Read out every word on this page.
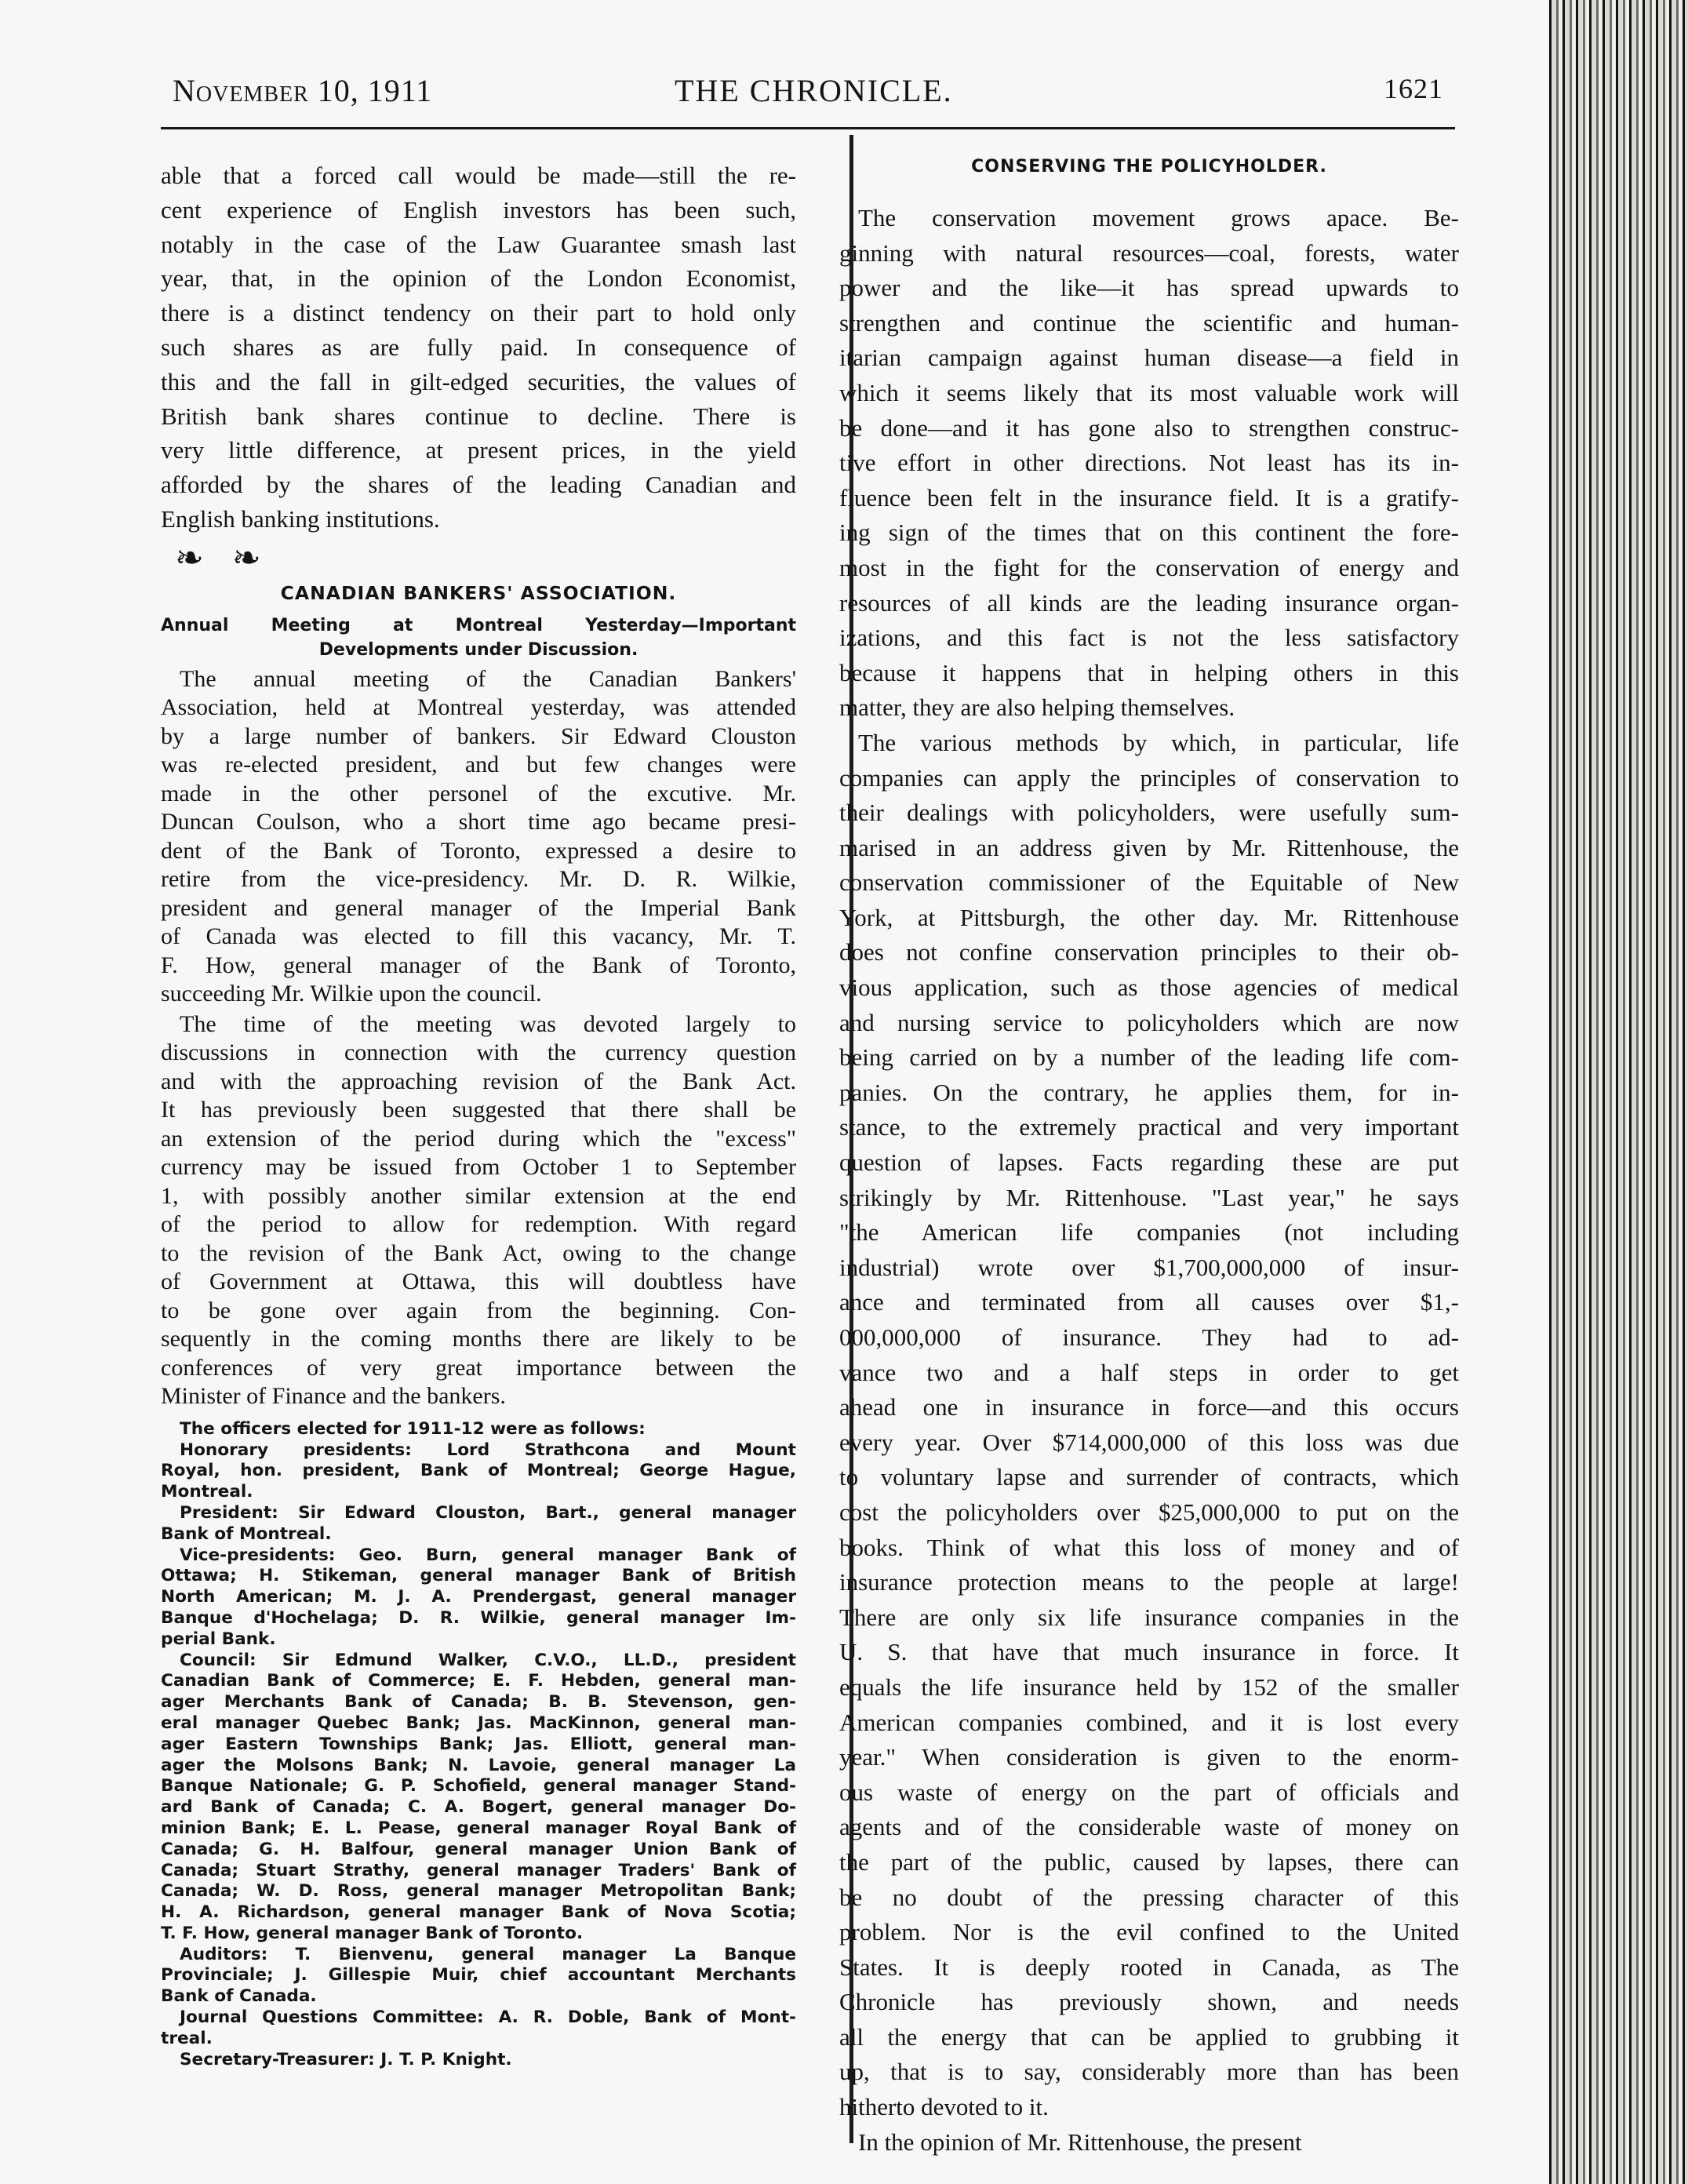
November 10, 1911	THE CHRONICLE.	1621
able that a forced call would be made—still the re-
cent experience of English investors has been such,
notably in the case of the Law Guarantee smash last
year, that, in the opinion of the London Economist,
there is a distinct tendency on their part to hold only
such shares as are fully paid. In consequence of
this and the fall in gilt-edged securities, the values of
British bank shares continue to decline. There is
very little difference, at present prices, in the yield
afforded by the shares of the leading Canadian and
English banking institutions.
❧ ❧
CANADIAN BANKERS' ASSOCIATION.
Annual Meeting at Montreal Yesterday—Important
Developments under Discussion.
The annual meeting of the Canadian Bankers'
Association, held at Montreal yesterday, was attended
by a large number of bankers. Sir Edward Clouston
was re-elected president, and but few changes were
made in the other personel of the excutive. Mr.
Duncan Coulson, who a short time ago became presi-
dent of the Bank of Toronto, expressed a desire to
retire from the vice-presidency. Mr. D. R. Wilkie,
president and general manager of the Imperial Bank
of Canada was elected to fill this vacancy, Mr. T.
F. How, general manager of the Bank of Toronto,
succeeding Mr. Wilkie upon the council.
The time of the meeting was devoted largely to
discussions in connection with the currency question
and with the approaching revision of the Bank Act.
It has previously been suggested that there shall be
an extension of the period during which the "excess"
currency may be issued from October 1 to September
1, with possibly another similar extension at the end
of the period to allow for redemption. With regard
to the revision of the Bank Act, owing to the change
of Government at Ottawa, this will doubtless have
to be gone over again from the beginning. Con-
sequently in the coming months there are likely to be
conferences of very great importance between the
Minister of Finance and the bankers.
The officers elected for 1911-12 were as follows:
Honorary presidents: Lord Strathcona and Mount
Royal, hon. president, Bank of Montreal; George Hague,
Montreal.
President: Sir Edward Clouston, Bart., general manager
Bank of Montreal.
Vice-presidents: Geo. Burn, general manager Bank of
Ottawa; H. Stikeman, general manager Bank of British
North American; M. J. A. Prendergast, general manager
Banque d'Hochelaga; D. R. Wilkie, general manager Im-
perial Bank.
Council: Sir Edmund Walker, C.V.O., LL.D., president
Canadian Bank of Commerce; E. F. Hebden, general man-
ager Merchants Bank of Canada; B. B. Stevenson, gen-
eral manager Quebec Bank; Jas. MacKinnon, general man-
ager Eastern Townships Bank; Jas. Elliott, general man-
ager the Molsons Bank; N. Lavoie, general manager La
Banque Nationale; G. P. Schofield, general manager Stand-
ard Bank of Canada; C. A. Bogert, general manager Do-
minion Bank; E. L. Pease, general manager Royal Bank of
Canada; G. H. Balfour, general manager Union Bank of
Canada; Stuart Strathy, general manager Traders' Bank of
Canada; W. D. Ross, general manager Metropolitan Bank;
H. A. Richardson, general manager Bank of Nova Scotia;
T. F. How, general manager Bank of Toronto.
Auditors: T. Bienvenu, general manager La Banque
Provinciale; J. Gillespie Muir, chief accountant Merchants
Bank of Canada.
Journal Questions Committee: A. R. Doble, Bank of Mont-
treal.
Secretary-Treasurer: J. T. P. Knight.
CONSERVING THE POLICYHOLDER.
The conservation movement grows apace. Be-
ginning with natural resources—coal, forests, water
power and the like—it has spread upwards to
strengthen and continue the scientific and human-
itarian campaign against human disease—a field in
which it seems likely that its most valuable work will
be done—and it has gone also to strengthen construc-
tive effort in other directions. Not least has its in-
fluence been felt in the insurance field. It is a gratify-
ing sign of the times that on this continent the fore-
most in the fight for the conservation of energy and
resources of all kinds are the leading insurance organ-
izations, and this fact is not the less satisfactory
because it happens that in helping others in this
matter, they are also helping themselves.
The various methods by which, in particular, life
companies can apply the principles of conservation to
their dealings with policyholders, were usefully sum-
marised in an address given by Mr. Rittenhouse, the
conservation commissioner of the Equitable of New
York, at Pittsburgh, the other day. Mr. Rittenhouse
does not confine conservation principles to their ob-
vious application, such as those agencies of medical
and nursing service to policyholders which are now
being carried on by a number of the leading life com-
panies. On the contrary, he applies them, for in-
stance, to the extremely practical and very important
question of lapses. Facts regarding these are put
strikingly by Mr. Rittenhouse. "Last year," he says
"the American life companies (not including
industrial) wrote over $1,700,000,000 of insur-
ance and terminated from all causes over $1,-
000,000,000 of insurance. They had to ad-
vance two and a half steps in order to get
ahead one in insurance in force—and this occurs
every year. Over $714,000,000 of this loss was due
to voluntary lapse and surrender of contracts, which
cost the policyholders over $25,000,000 to put on the
books. Think of what this loss of money and of
insurance protection means to the people at large!
There are only six life insurance companies in the
U. S. that have that much insurance in force. It
equals the life insurance held by 152 of the smaller
American companies combined, and it is lost every
year." When consideration is given to the enorm-
ous waste of energy on the part of officials and
agents and of the considerable waste of money on
the part of the public, caused by lapses, there can
be no doubt of the pressing character of this
problem. Nor is the evil confined to the United
States. It is deeply rooted in Canada, as The
Chronicle has previously shown, and needs
all the energy that can be applied to grubbing it
up, that is to say, considerably more than has been
hitherto devoted to it.
In the opinion of Mr. Rittenhouse, the present
